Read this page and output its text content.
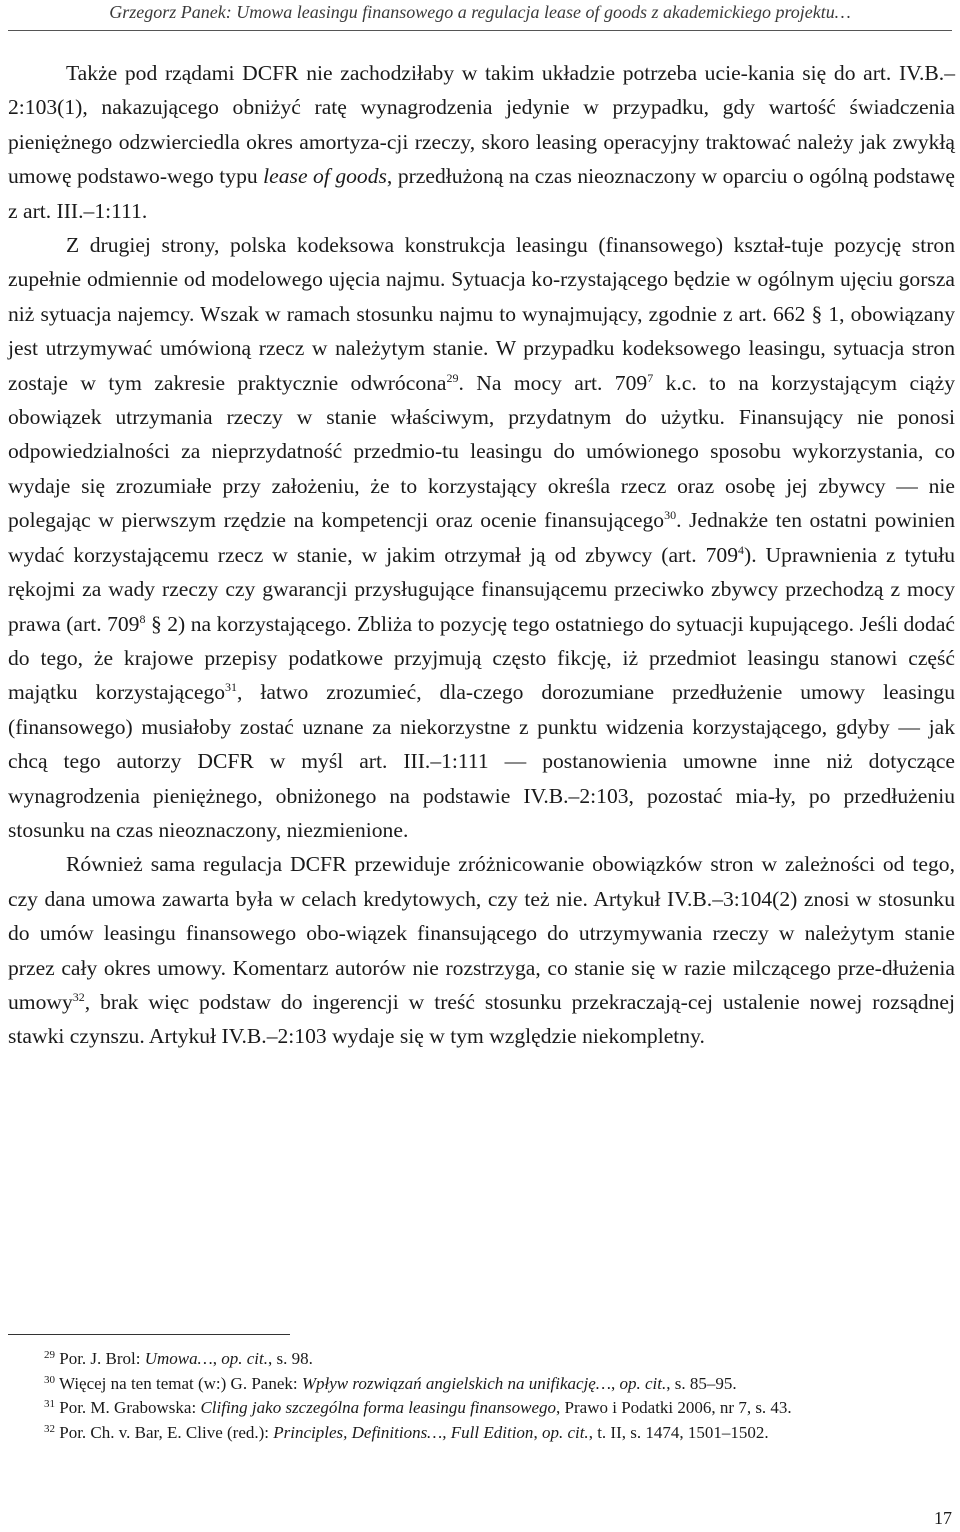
Grzegorz Panek: Umowa leasingu finansowego a regulacja lease of goods z akademickiego projektu…

Także pod rządami DCFR nie zachodziłaby w takim układzie potrzeba ucie-kania się do art. IV.B.–2:103(1), nakazującego obniżyć ratę wynagrodzenia jedynie w przypadku, gdy wartość świadczenia pieniężnego odzwierciedla okres amortyza-cji rzeczy, skoro leasing operacyjny traktować należy jak zwykłą umowę podstawo-wego typu lease of goods, przedłużoną na czas nieoznaczony w oparciu o ogólną podstawę z art. III.–1:111.

Z drugiej strony, polska kodeksowa konstrukcja leasingu (finansowego) kształ-tuje pozycję stron zupełnie odmiennie od modelowego ujęcia najmu. Sytuacja ko-rzystającego będzie w ogólnym ujęciu gorsza niż sytuacja najemcy. Wszak w ramach stosunku najmu to wynajmujący, zgodnie z art. 662 § 1, obowiązany jest utrzymywać umówioną rzecz w należytym stanie. W przypadku kodeksowego leasingu, sytuacja stron zostaje w tym zakresie praktycznie odwrócona$^{29}$. Na mocy art. $709^7$ k.c. to na korzystającym ciąży obowiązek utrzymania rzeczy w stanie właściwym, przydatnym do użytku. Finansujący nie ponosi odpowiedzialności za nieprzydatność przedmio-tu leasingu do umówionego sposobu wykorzystania, co wydaje się zrozumiałe przy założeniu, że to korzystający określa rzecz oraz osobę jej zbywcy — nie polegając w pierwszym rzędzie na kompetencji oraz ocenie finansującego$^{30}$. Jednakże ten ostatni powinien wydać korzystającemu rzecz w stanie, w jakim otrzymał ją od zbywcy (art. $709^4$). Uprawnienia z tytułu rękojmi za wady rzeczy czy gwarancji przysługujące finansującemu przeciwko zbywcy przechodzą z mocy prawa (art. $709^8$ § 2) na korzystającego. Zbliża to pozycję tego ostatniego do sytuacji kupującego. Jeśli dodać do tego, że krajowe przepisy podatkowe przyjmują często fikcję, iż przedmiot leasingu stanowi część majątku korzystającego$^{31}$, łatwo zrozumieć, dla-czego dorozumiane przedłużenie umowy leasingu (finansowego) musiałoby zostać uznane za niekorzystne z punktu widzenia korzystającego, gdyby — jak chcą tego autorzy DCFR w myśl art. III.–1:111 — postanowienia umowne inne niż dotyczące wynagrodzenia pieniężnego, obniżonego na podstawie IV.B.–2:103, pozostać mia-ły, po przedłużeniu stosunku na czas nieoznaczony, niezmienione.

Również sama regulacja DCFR przewiduje zróżnicowanie obowiązków stron w zależności od tego, czy dana umowa zawarta była w celach kredytowych, czy też nie. Artykuł IV.B.–3:104(2) znosi w stosunku do umów leasingu finansowego obo-wiązek finansującego do utrzymywania rzeczy w należytym stanie przez cały okres umowy. Komentarz autorów nie rozstrzyga, co stanie się w razie milczącego prze-dłużenia umowy$^{32}$, brak więc podstaw do ingerencji w treść stosunku przekraczają-cej ustalenie nowej rozsądnej stawki czynszu. Artykuł IV.B.–2:103 wydaje się w tym względzie niekompletny.

$^{29}$ Por. J. Brol: Umowa…, op. cit., s. 98.

$^{30}$ Więcej na ten temat (w:) G. Panek: Wpływ rozwiązań angielskich na unifikację…, op. cit., s. 85–95.

$^{31}$ Por. M. Grabowska: Clifing jako szczególna forma leasingu finansowego, Prawo i Podatki 2006, nr 7, s. 43.

$^{32}$ Por. Ch. v. Bar, E. Clive (red.): Principles, Definitions…, Full Edition, op. cit., t. II, s. 1474, 1501–1502.

17
